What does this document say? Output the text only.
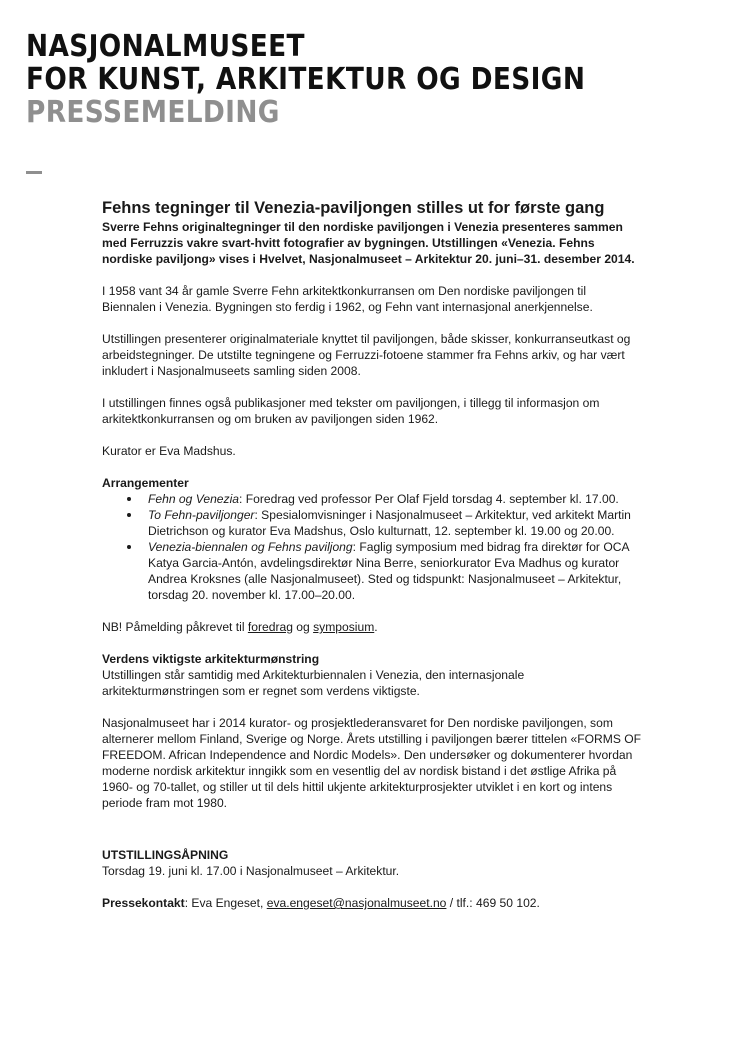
NASJONALMUSEET
FOR KUNST, ARKITEKTUR OG DESIGN
PRESSEMELDING
Fehns tegninger til Venezia-paviljongen stilles ut for første gang

Sverre Fehns originaltegninger til den nordiske paviljongen i Venezia presenteres sammen med Ferruzzis vakre svart-hvitt fotografier av bygningen. Utstillingen «Venezia. Fehns nordiske paviljong» vises i Hvelvet, Nasjonalmuseet – Arkitektur 20. juni–31. desember 2014.

I 1958 vant 34 år gamle Sverre Fehn arkitektkonkurransen om Den nordiske paviljongen til Biennalen i Venezia. Bygningen sto ferdig i 1962, og Fehn vant internasjonal anerkjennelse.

Utstillingen presenterer originalmateriale knyttet til paviljongen, både skisser, konkurranseutkast og arbeidstegninger. De utstilte tegningene og Ferruzzi-fotoene stammer fra Fehns arkiv, og har vært inkludert i Nasjonalmuseets samling siden 2008.

I utstillingen finnes også publikasjoner med tekster om paviljongen, i tillegg til informasjon om arkitektkonkurransen og om bruken av paviljongen siden 1962.

Kurator er Eva Madshus.

Arrangementer

Fehn og Venezia: Foredrag ved professor Per Olaf Fjeld torsdag 4. september kl. 17.00.
To Fehn-paviljonger: Spesialomvisninger i Nasjonalmuseet – Arkitektur, ved arkitekt Martin Dietrichson og kurator Eva Madshus, Oslo kulturnatt, 12. september kl. 19.00 og 20.00.
Venezia-biennalen og Fehns paviljong: Faglig symposium med bidrag fra direktør for OCA Katya Garcia-Antón, avdelingsdirektør Nina Berre, seniorkurator Eva Madhus og kurator Andrea Kroksnes (alle Nasjonalmuseet). Sted og tidspunkt: Nasjonalmuseet – Arkitektur, torsdag 20. november kl. 17.00–20.00.

NB! Påmelding påkrevet til foredrag og symposium.

Verdens viktigste arkitekturmønstring

Utstillingen står samtidig med Arkitekturbiennalen i Venezia, den internasjonale arkitekturmønstringen som er regnet som verdens viktigste.

Nasjonalmuseet har i 2014 kurator- og prosjektlederansvaret for Den nordiske paviljongen, som alternerer mellom Finland, Sverige og Norge. Årets utstilling i paviljongen bærer tittelen «FORMS OF FREEDOM. African Independence and Nordic Models». Den undersøker og dokumenterer hvordan moderne nordisk arkitektur inngikk som en vesentlig del av nordisk bistand i det østlige Afrika på 1960- og 70-tallet, og stiller ut til dels hittil ukjente arkitekturprosjekter utviklet i en kort og intens periode fram mot 1980.

UTSTILLINGSÅPNING

Torsdag 19. juni kl. 17.00 i Nasjonalmuseet – Arkitektur.

Pressekontakt: Eva Engeset, eva.engeset@nasjonalmuseet.no / tlf.: 469 50 102.
